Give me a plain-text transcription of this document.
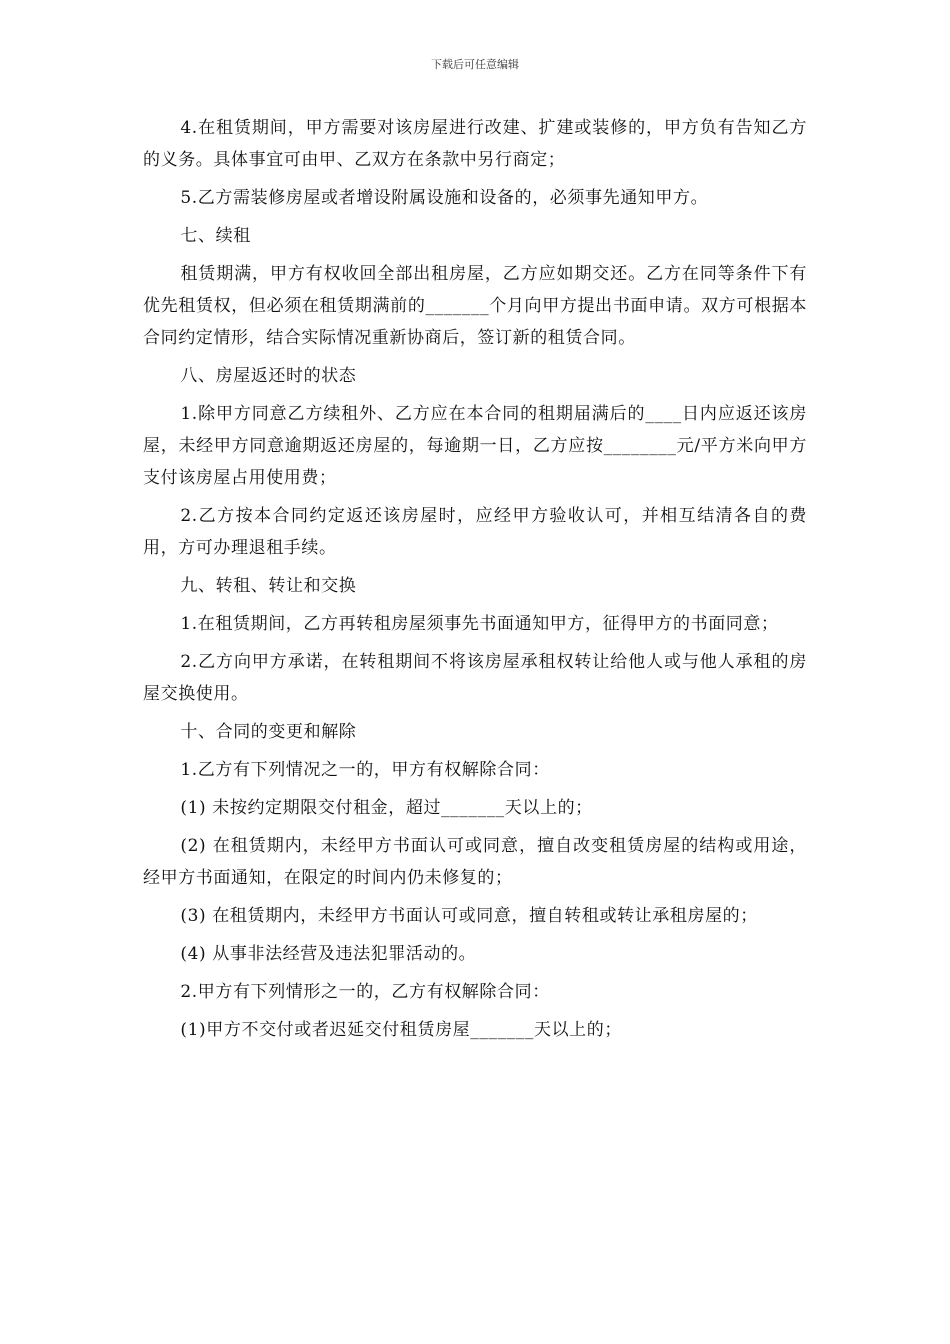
下载后可任意编辑

4.在租赁期间，甲方需要对该房屋进行改建、扩建或装修的，甲方负有告知乙方的义务。具体事宜可由甲、乙双方在条款中另行商定；

5.乙方需装修房屋或者增设附属设施和设备的，必须事先通知甲方。

七、续租

租赁期满，甲方有权收回全部出租房屋，乙方应如期交还。乙方在同等条件下有优先租赁权，但必须在租赁期满前的_______个月向甲方提出书面申请。双方可根据本合同约定情形，结合实际情况重新协商后，签订新的租赁合同。

八、房屋返还时的状态

1.除甲方同意乙方续租外、乙方应在本合同的租期届满后的____日内应返还该房屋，未经甲方同意逾期返还房屋的，每逾期一日，乙方应按________元/平方米向甲方支付该房屋占用使用费；

2.乙方按本合同约定返还该房屋时，应经甲方验收认可，并相互结清各自的费用，方可办理退租手续。

九、转租、转让和交换

1.在租赁期间，乙方再转租房屋须事先书面通知甲方，征得甲方的书面同意；

2.乙方向甲方承诺，在转租期间不将该房屋承租权转让给他人或与他人承租的房屋交换使用。

十、合同的变更和解除

1.乙方有下列情况之一的，甲方有权解除合同：

(1) 未按约定期限交付租金，超过_______天以上的；

(2) 在租赁期内，未经甲方书面认可或同意，擅自改变租赁房屋的结构或用途，经甲方书面通知，在限定的时间内仍未修复的；

(3) 在租赁期内，未经甲方书面认可或同意，擅自转租或转让承租房屋的；

(4) 从事非法经营及违法犯罪活动的。

2.甲方有下列情形之一的，乙方有权解除合同：

(1)甲方不交付或者迟延交付租赁房屋_______天以上的；
